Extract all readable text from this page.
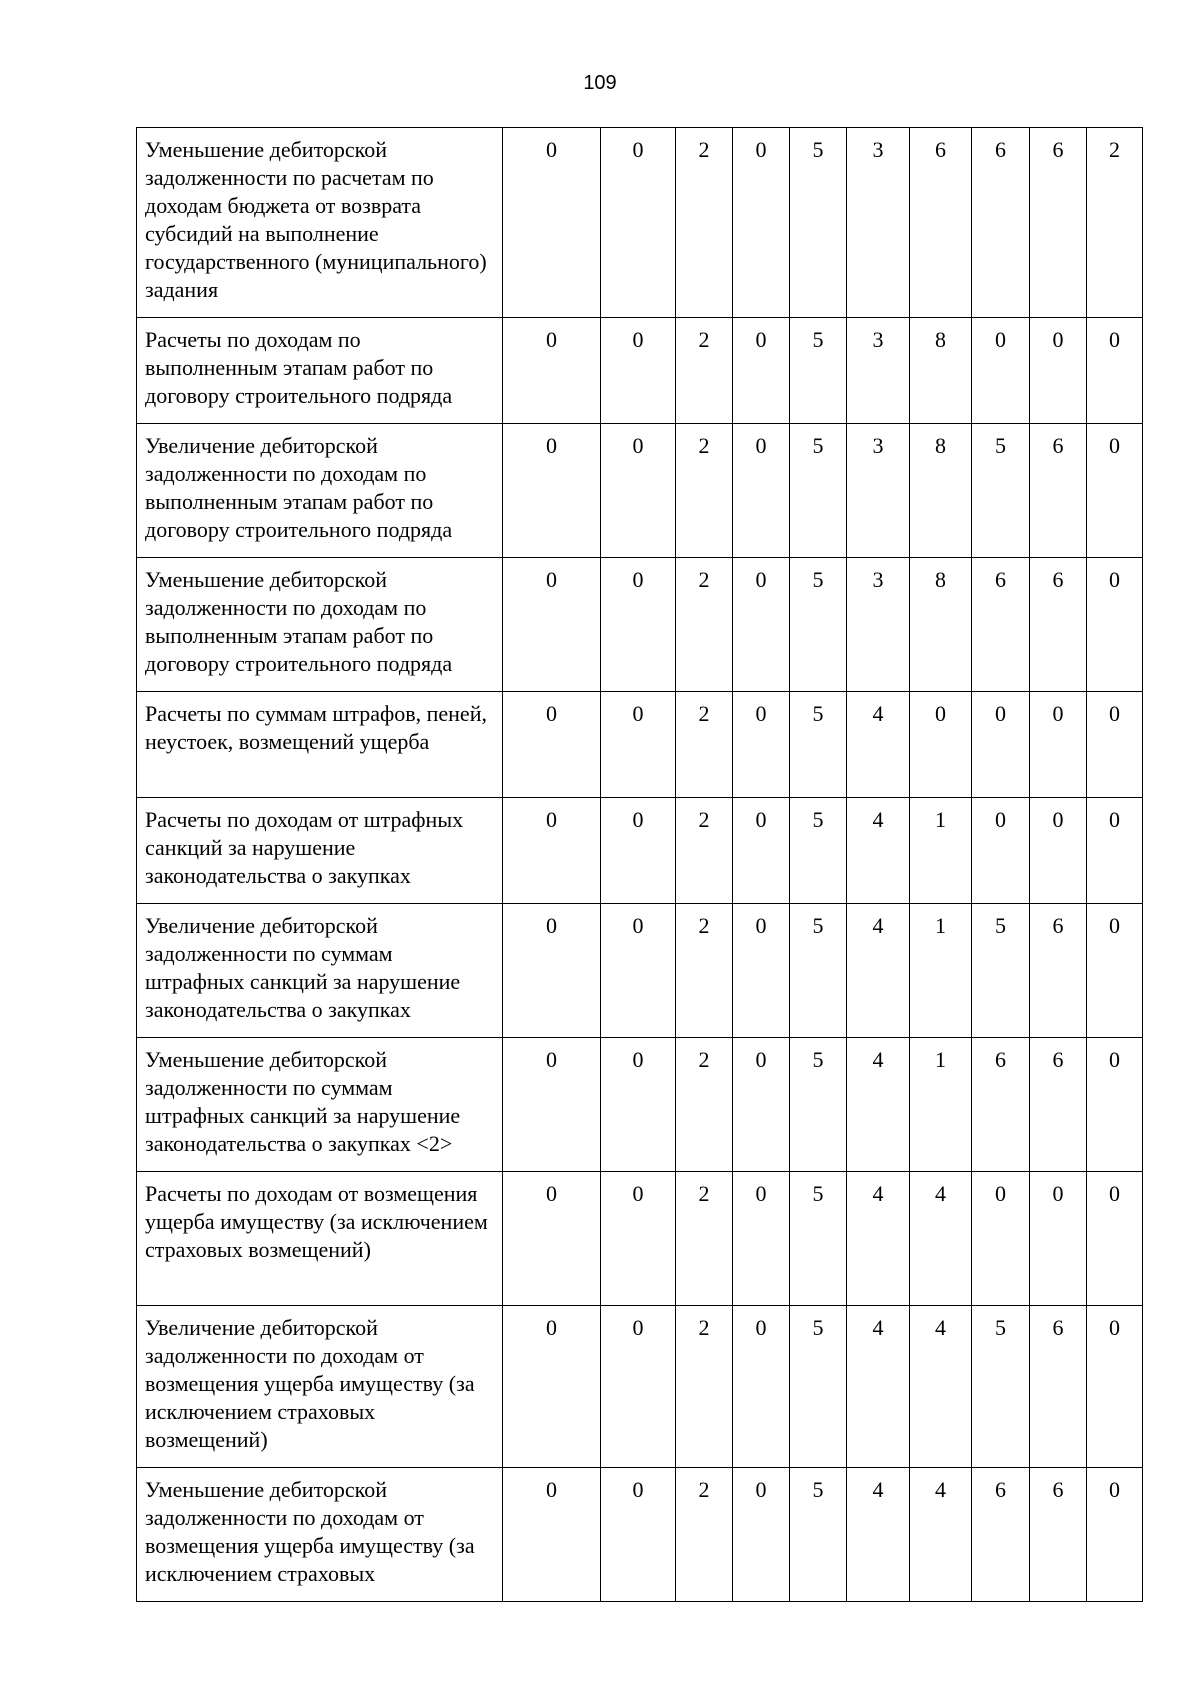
109
Уменьшение дебиторской задолженности по расчетам по доходам бюджета от возврата субсидий на выполнение государственного (муниципального) задания	0	0	2	0	5	3	6	6	6	2
Расчеты по доходам по выполненным этапам работ по договору строительного подряда	0	0	2	0	5	3	8	0	0	0
Увеличение дебиторской задолженности по доходам по выполненным этапам работ по договору строительного подряда	0	0	2	0	5	3	8	5	6	0
Уменьшение дебиторской задолженности по доходам по выполненным этапам работ по договору строительного подряда	0	0	2	0	5	3	8	6	6	0
Расчеты по суммам штрафов, пеней, неустоек, возмещений ущерба	0	0	2	0	5	4	0	0	0	0
Расчеты по доходам от штрафных санкций за нарушение законодательства о закупках	0	0	2	0	5	4	1	0	0	0
Увеличение дебиторской задолженности по суммам штрафных санкций за нарушение законодательства о закупках	0	0	2	0	5	4	1	5	6	0
Уменьшение дебиторской задолженности по суммам штрафных санкций за нарушение законодательства о закупках <2>	0	0	2	0	5	4	1	6	6	0
Расчеты по доходам от возмещения ущерба имуществу (за исключением страховых возмещений)	0	0	2	0	5	4	4	0	0	0
Увеличение дебиторской задолженности по доходам от возмещения ущерба имуществу (за исключением страховых возмещений)	0	0	2	0	5	4	4	5	6	0
Уменьшение дебиторской задолженности по доходам от возмещения ущерба имуществу (за исключением страховых	0	0	2	0	5	4	4	6	6	0
